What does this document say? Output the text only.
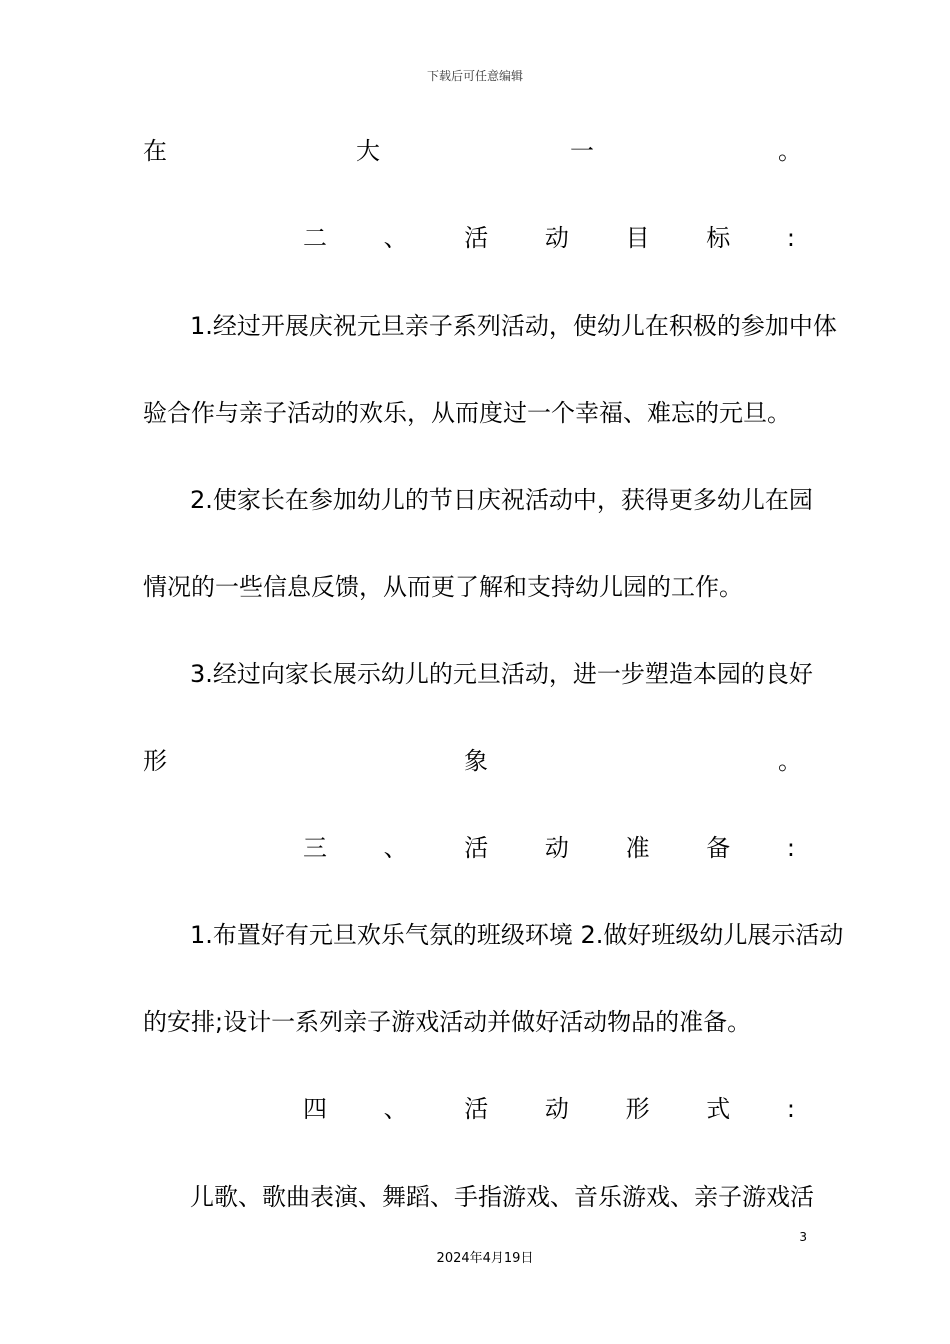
下载后可任意编辑
在	大	一	。
二 、 活 动 目 标 :
1.经过开展庆祝元旦亲子系列活动，使幼儿在积极的参加中体
验合作与亲子活动的欢乐，从而度过一个幸福、难忘的元旦。
2.使家长在参加幼儿的节日庆祝活动中，获得更多幼儿在园
情况的一些信息反馈，从而更了解和支持幼儿园的工作。
3.经过向家长展示幼儿的元旦活动，进一步塑造本园的良好
形	象	。
三 、 活 动 准 备 :
1.布置好有元旦欢乐气氛的班级环境 2.做好班级幼儿展示活动
的安排;设计一系列亲子游戏活动并做好活动物品的准备。
四 、 活 动 形 式 :
儿歌、歌曲表演、舞蹈、手指游戏、音乐游戏、亲子游戏活
3
2024年4月19日
